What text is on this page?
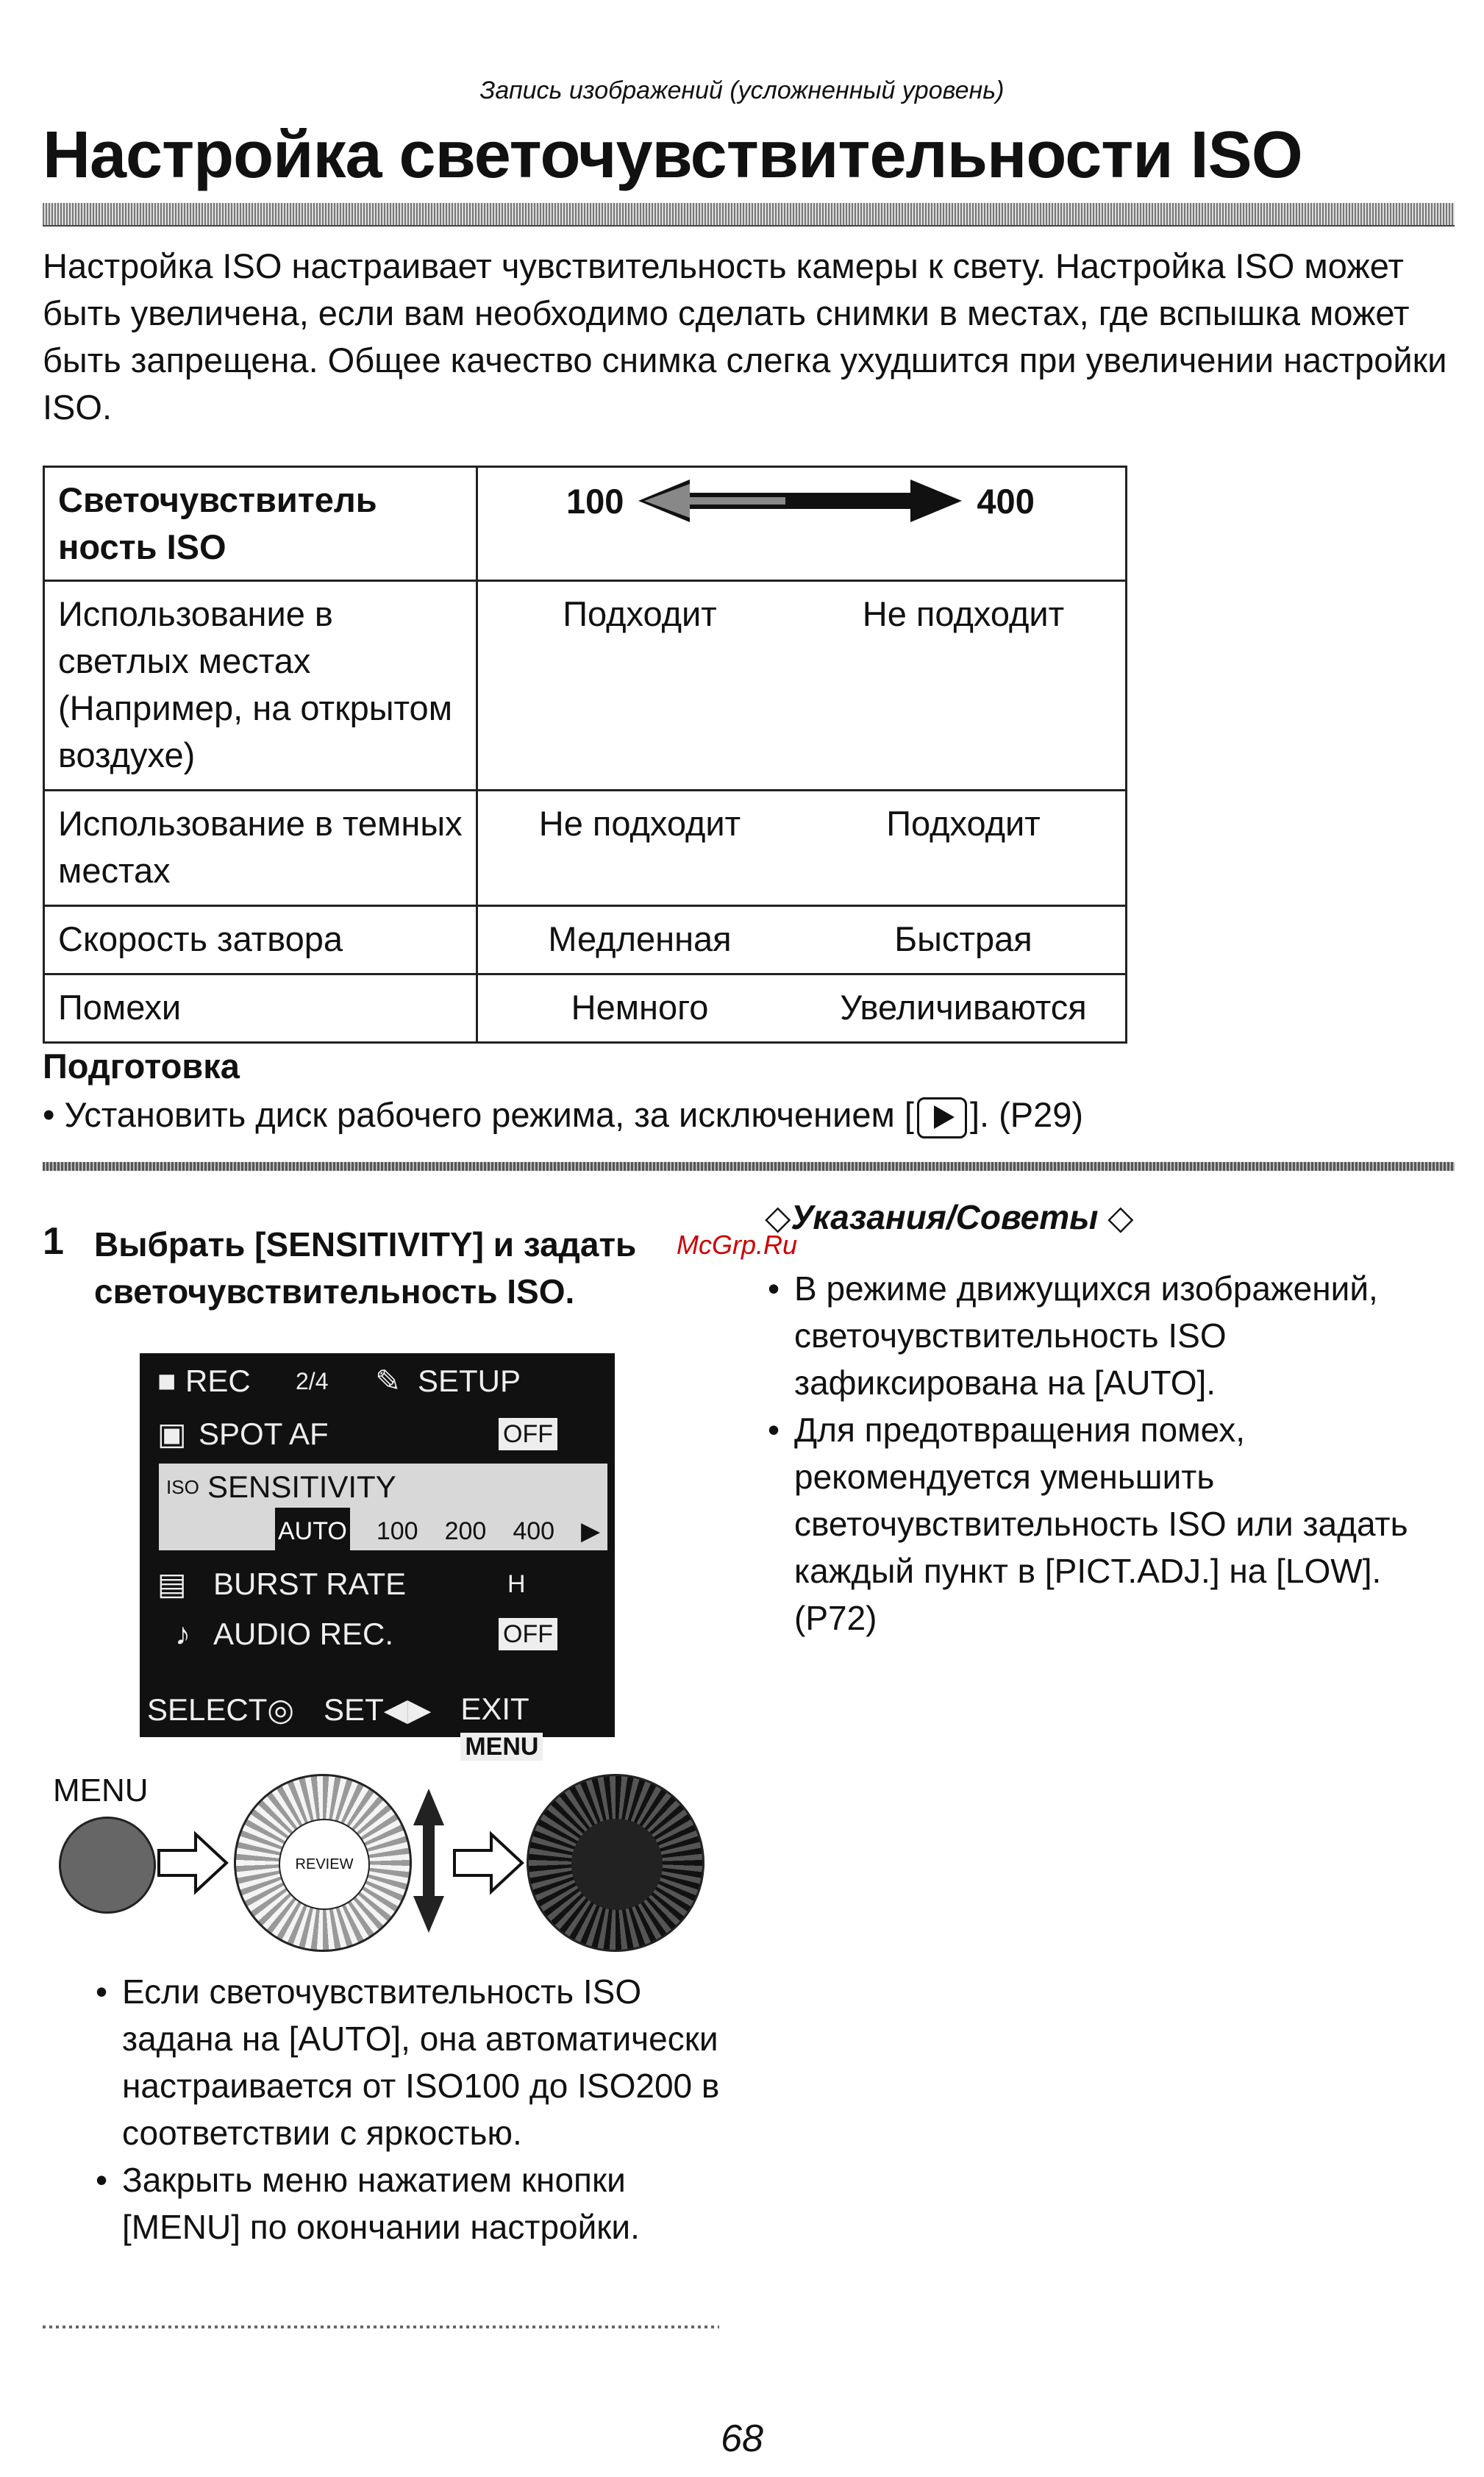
Запись изображений (усложненный уровень)
Настройка светочувствительности ISO
Настройка ISO настраивает чувствительность камеры к свету. Настройка ISO может быть увеличена, если вам необходимо сделать снимки в местах, где вспышка может быть запрещена. Общее качество снимка слегка ухудшится при увеличении настройки ISO.
Светочувствитель ность ISO	100 400

Использование в светлых местах (Например, на открытом воздухе)	Подходит Не подходит

Использование в темных местах	Не подходит Подходит

Скорость затвора	Медленная Быстрая

Помехи	Немного Увеличиваются
Подготовка
• Установить диск рабочего режима, за исключением [ ]. (P29)
1 Выбрать [SENSITIVITY] и задать светочувствительность ISO.
McGrp.Ru
■ REC 2/4 ✎ SETUP
▣ SPOT AF	OFF
ISO SENSITIVITY
AUTO 100 200 400 ▶
▤ BURST RATE	H
♪ AUDIO REC.	OFF
SELECT◎ SET◀▶ EXIT MENU
MENU
REVIEW
• Если светочувствительность ISO задана на [AUTO], она автоматически настраивается от ISO100 до ISO200 в соответствии с яркостью.
• Закрыть меню нажатием кнопки [MENU] по окончании настройки.
◇Указания/Советы ◇
• В режиме движущихся изображений, светочувствительность ISO зафиксирована на [AUTO].
• Для предотвращения помех, рекомендуется уменьшить светочувствительность ISO или задать каждый пункт в [PICT.ADJ.] на [LOW]. (P72)
68
